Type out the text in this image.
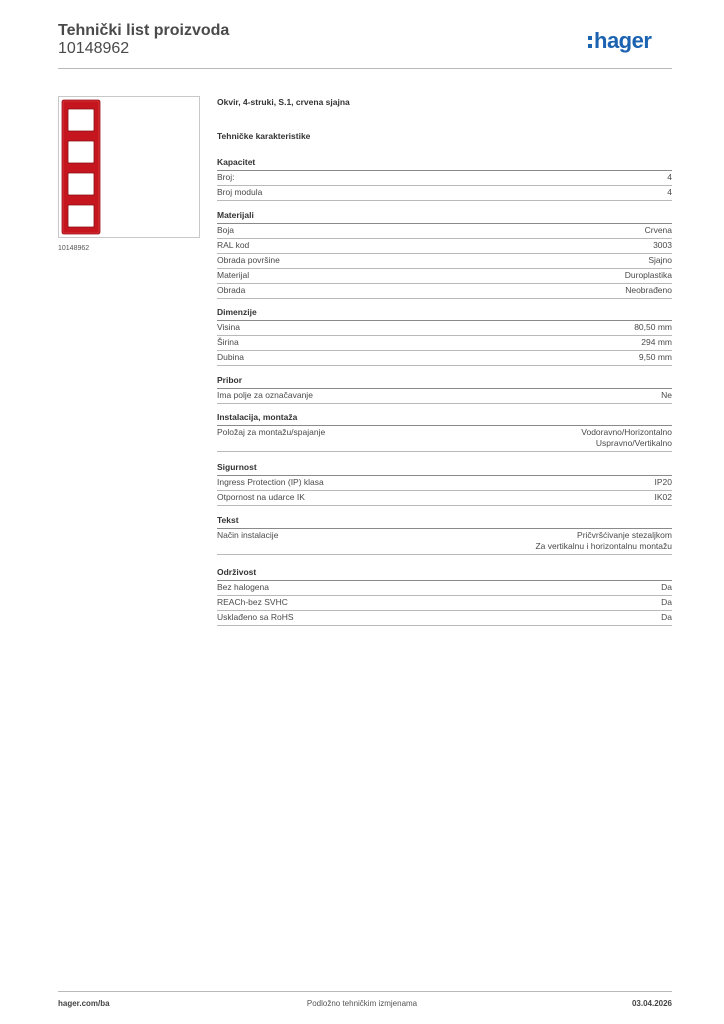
Tehnički list proizvoda
10148962	hager
10148962
Okvir, 4-struki, S.1, crvena sjajna
Tehničke karakteristike
Kapacitet
Broj:	4
Broj modula	4
Materijali
Boja	Crvena
RAL kod	3003
Obrada površine	Sjajno
Materijal	Duroplastika
Obrada	Neobrađeno
Dimenzije
Visina	80,50 mm
Širina	294 mm
Dubina	9,50 mm
Pribor
Ima polje za označavanje	Ne
Instalacija, montaža
Položaj za montažu/spajanje	Vodoravno/Horizontalno
Uspravno/Vertikalno
Sigurnost
Ingress Protection (IP) klasa	IP20
Otpornost na udarce IK	IK02
Tekst
Način instalacije	Pričvršćivanje stezaljkom
Za vertikalnu i horizontalnu montažu
Održivost
Bez halogena	Da
REACh-bez SVHC	Da
Usklađeno sa RoHS	Da
hager.com/ba	Podložno tehničkim izmjenama	03.04.2026
